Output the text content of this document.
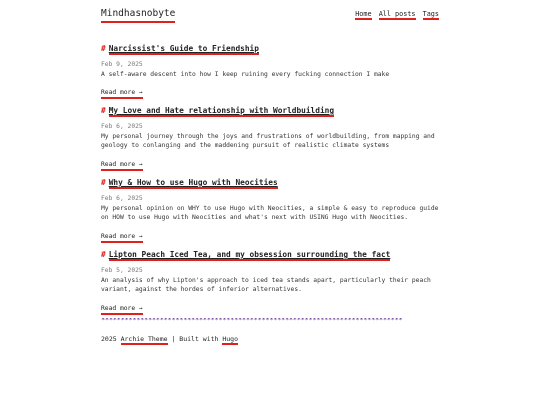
Mindhasnobyte	Home All posts Tags
# Narcissist's Guide to Friendship
Feb 9, 2025
A self-aware descent into how I keep ruining every fucking connection I make
Read more →
# My Love and Hate relationship with Worldbuilding
Feb 6, 2025
My personal journey through the joys and frustrations of worldbuilding, from mapping and geology to conlanging and the maddening pursuit of realistic climate systems
Read more →
# Why & How to use Hugo with Neocities
Feb 6, 2025
My personal opinion on WHY to use Hugo with Neocities, a simple & easy to reproduce guide on HOW to use Hugo with Neocities and what's next with USING Hugo with Neocities.
Read more →
# Lipton Peach Iced Tea, and my obsession surrounding the fact
Feb 5, 2025
An analysis of why Lipton's approach to iced tea stands apart, particularly their peach variant, against the hordes of inferior alternatives.
Read more →
*****************************************************************************
2025 Archie Theme | Built with Hugo
